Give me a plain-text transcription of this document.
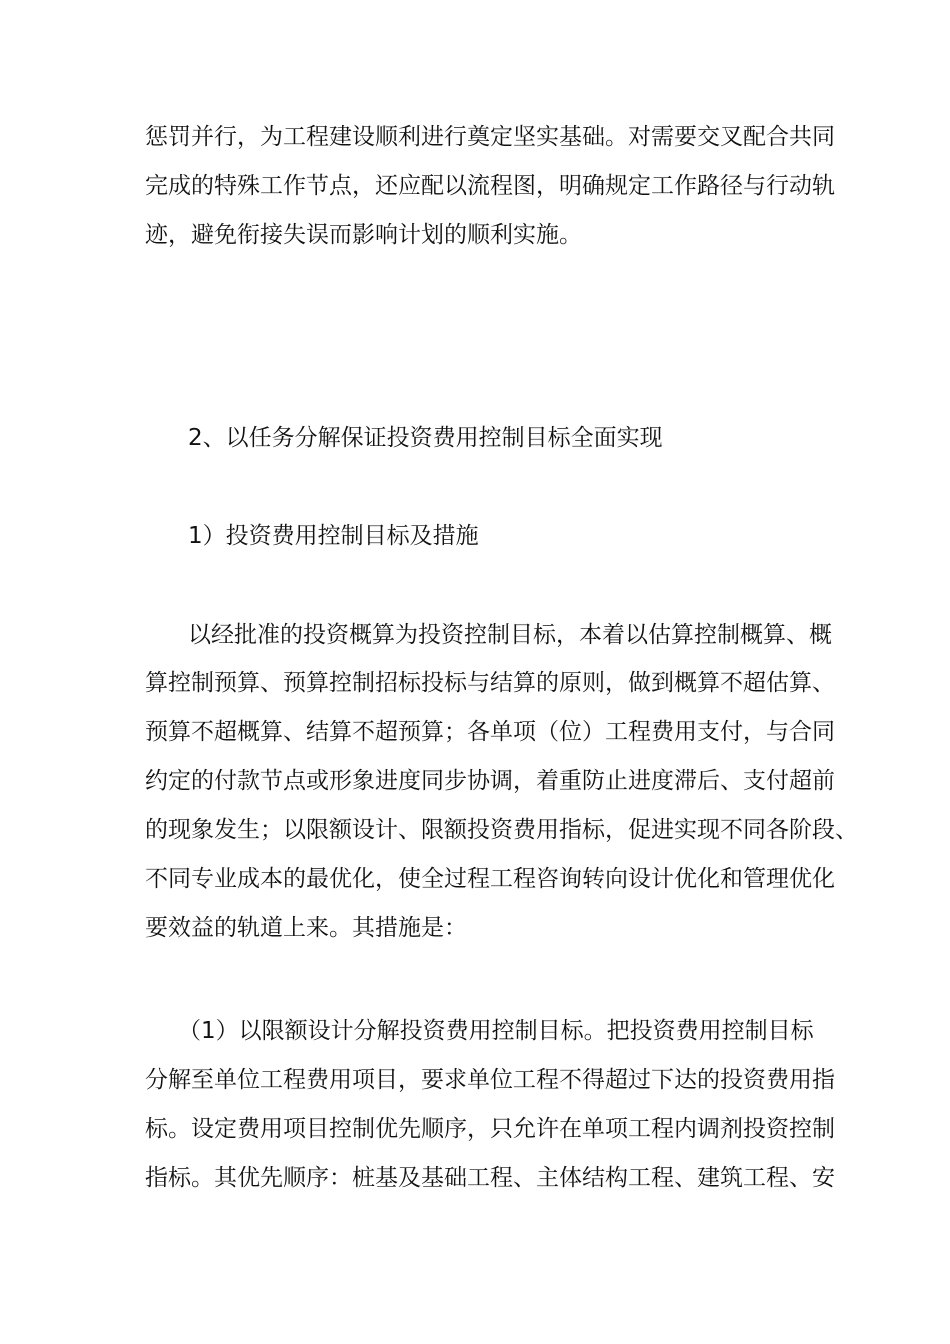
惩罚并行，为工程建设顺利进行奠定坚实基础。对需要交叉配合共同
完成的特殊工作节点，还应配以流程图，明确规定工作路径与行动轨
迹，避免衔接失误而影响计划的顺利实施。
2、以任务分解保证投资费用控制目标全面实现
1）投资费用控制目标及措施
以经批准的投资概算为投资控制目标，本着以估算控制概算、概
算控制预算、预算控制招标投标与结算的原则，做到概算不超估算、
预算不超概算、结算不超预算；各单项（位）工程费用支付，与合同
约定的付款节点或形象进度同步协调，着重防止进度滞后、支付超前
的现象发生；以限额设计、限额投资费用指标，促进实现不同各阶段、
不同专业成本的最优化，使全过程工程咨询转向设计优化和管理优化
要效益的轨道上来。其措施是：
（1）以限额设计分解投资费用控制目标。把投资费用控制目标
分解至单位工程费用项目，要求单位工程不得超过下达的投资费用指
标。设定费用项目控制优先顺序，只允许在单项工程内调剂投资控制
指标。其优先顺序：桩基及基础工程、主体结构工程、建筑工程、安
